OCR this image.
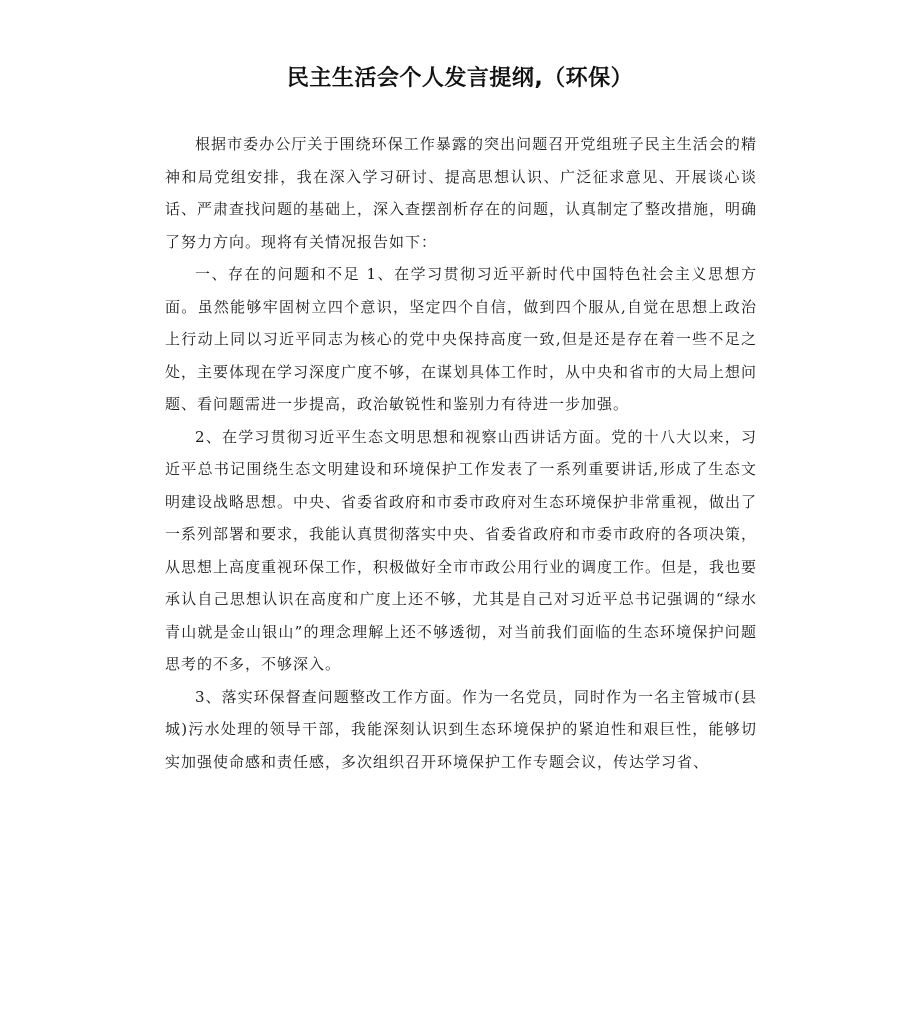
民主生活会个人发言提纲,（环保）

根据市委办公厅关于围绕环保工作暴露的突出问题召开党组班子民主生活会的精神和局党组安排，我在深入学习研讨、提高思想认识、广泛征求意见、开展谈心谈话、严肃查找问题的基础上，深入查摆剖析存在的问题，认真制定了整改措施，明确了努力方向。现将有关情况报告如下：

一、存在的问题和不足 1、在学习贯彻习近平新时代中国特色社会主义思想方面。虽然能够牢固树立四个意识，坚定四个自信，做到四个服从,自觉在思想上政治上行动上同以习近平同志为核心的党中央保持高度一致,但是还是存在着一些不足之处，主要体现在学习深度广度不够，在谋划具体工作时，从中央和省市的大局上想问题、看问题需进一步提高，政治敏锐性和鉴别力有待进一步加强。

2、在学习贯彻习近平生态文明思想和视察山西讲话方面。党的十八大以来，习近平总书记围绕生态文明建设和环境保护工作发表了一系列重要讲话,形成了生态文明建设战略思想。中央、省委省政府和市委市政府对生态环境保护非常重视，做出了一系列部署和要求，我能认真贯彻落实中央、省委省政府和市委市政府的各项决策，从思想上高度重视环保工作，积极做好全市市政公用行业的调度工作。但是，我也要承认自己思想认识在高度和广度上还不够，尤其是自己对习近平总书记强调的“绿水青山就是金山银山”的理念理解上还不够透彻，对当前我们面临的生态环境保护问题思考的不多，不够深入。

3、落实环保督查问题整改工作方面。作为一名党员，同时作为一名主管城市(县城)污水处理的领导干部，我能深刻认识到生态环境保护的紧迫性和艰巨性，能够切实加强使命感和责任感，多次组织召开环境保护工作专题会议，传达学习省、
